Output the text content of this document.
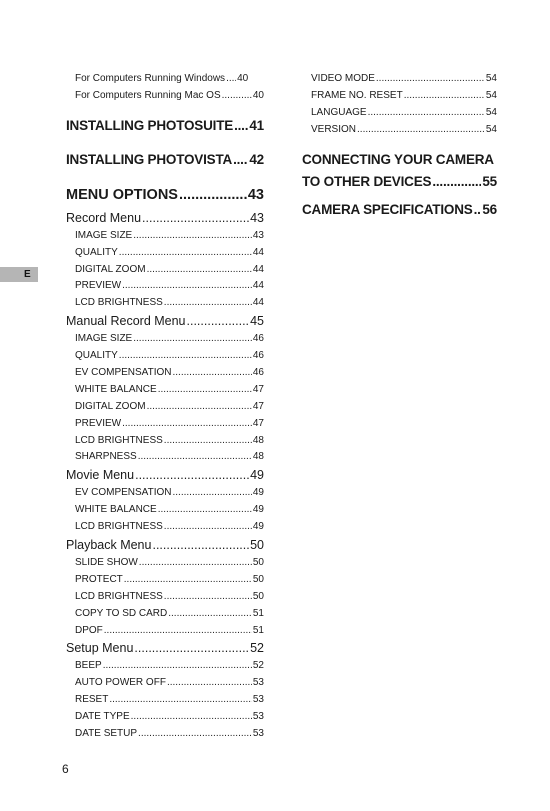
E
For Computers Running Windows ..... 40
For Computers Running Mac OS .....	40
INSTALLING PHOTOSUITE ..... 41
INSTALLING PHOTOVISTA ..... 42
MENU OPTIONS .....	43
Record Menu .....	43
IMAGE SIZE .....	43
QUALITY .....	44
DIGITAL ZOOM .....	44
PREVIEW .....	44
LCD BRIGHTNESS .....	44
Manual Record Menu .....	45
IMAGE SIZE .....	46
QUALITY .....	46
EV COMPENSATION .....	46
WHITE BALANCE .....	47
DIGITAL ZOOM .....	47
PREVIEW .....	47
LCD BRIGHTNESS .....	48
SHARPNESS .....	48
Movie Menu .....	49
EV COMPENSATION .....	49
WHITE BALANCE .....	49
LCD BRIGHTNESS .....	49
Playback Menu .....	50
SLIDE SHOW .....	50
PROTECT .....	50
LCD BRIGHTNESS .....	50
COPY TO SD CARD .....	51
DPOF .....	51
Setup Menu .....	52
BEEP .....	52
AUTO POWER OFF .....	53
RESET .....	53
DATE TYPE .....	53
DATE SETUP .....	53
VIDEO MODE .....	54
FRAME NO. RESET .....	54
LANGUAGE .....	54
VERSION .....	54
CONNECTING YOUR CAMERA
TO OTHER DEVICES .....	55
CAMERA SPECIFICATIONS ..... 56
6
